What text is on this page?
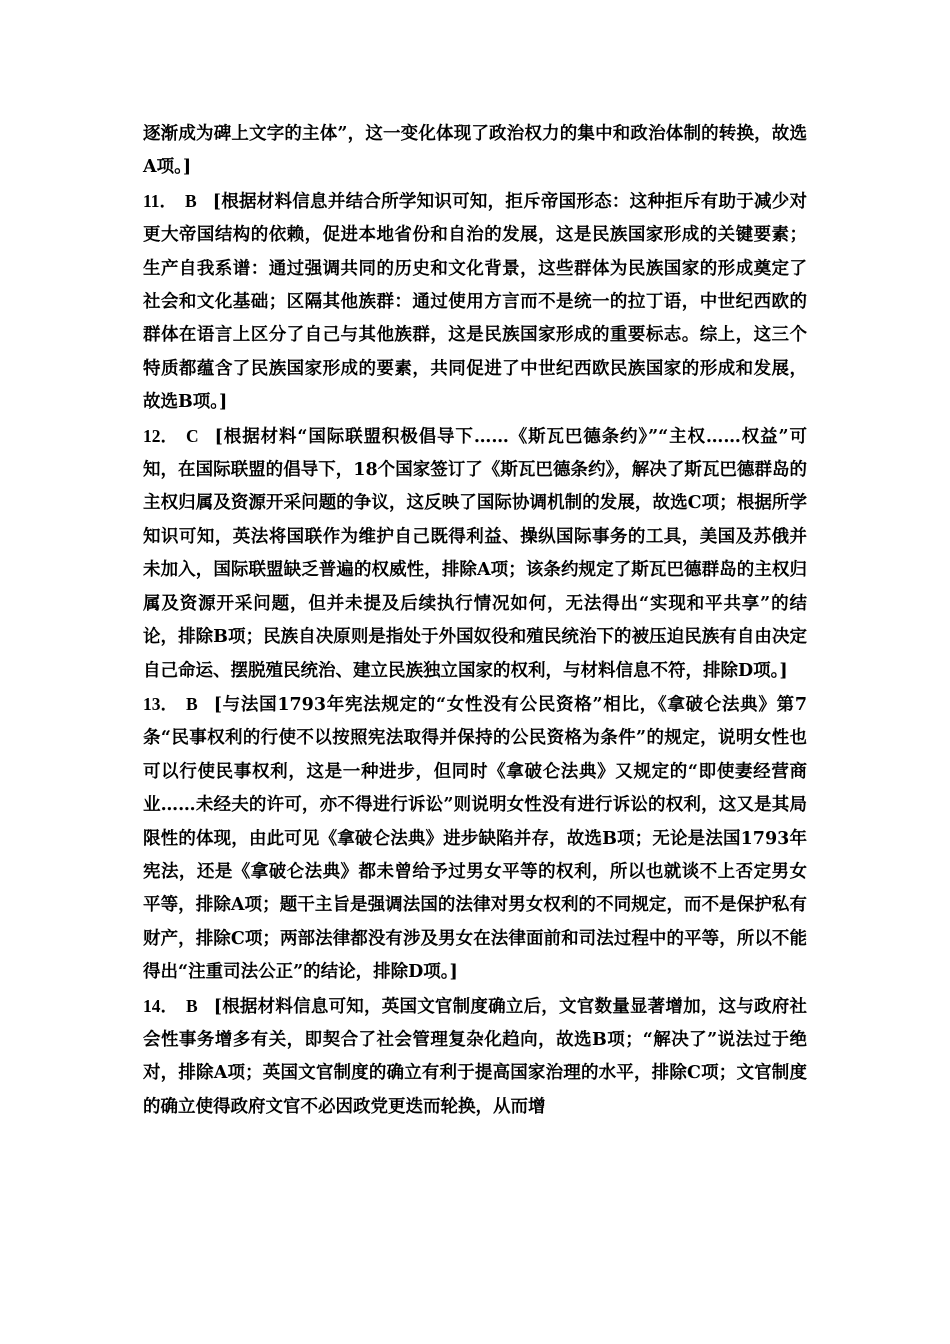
逐渐成为碑上文字的主体”，这一变化体现了政治权力的集中和政治体制的转换，故选A项。]

11． B [根据材料信息并结合所学知识可知，拒斥帝国形态：这种拒斥有助于减少对更大帝国结构的依赖，促进本地省份和自治的发展，这是民族国家形成的关键要素；生产自我系谱：通过强调共同的历史和文化背景，这些群体为民族国家的形成奠定了社会和文化基础；区隔其他族群：通过使用方言而不是统一的拉丁语，中世纪西欧的群体在语言上区分了自己与其他族群，这是民族国家形成的重要标志。综上，这三个特质都蕴含了民族国家形成的要素，共同促进了中世纪西欧民族国家的形成和发展，故选B项。]

12． C [根据材料“国际联盟积极倡导下……《斯瓦巴德条约》”“主权……权益”可知，在国际联盟的倡导下，18个国家签订了《斯瓦巴德条约》，解决了斯瓦巴德群岛的主权归属及资源开采问题的争议，这反映了国际协调机制的发展，故选C项；根据所学知识可知，英法将国联作为维护自己既得利益、操纵国际事务的工具，美国及苏俄并未加入，国际联盟缺乏普遍的权威性，排除A项；该条约规定了斯瓦巴德群岛的主权归属及资源开采问题，但并未提及后续执行情况如何，无法得出“实现和平共享”的结论，排除B项；民族自决原则是指处于外国奴役和殖民统治下的被压迫民族有自由决定自己命运、摆脱殖民统治、建立民族独立国家的权利，与材料信息不符，排除D项。]

13． B [与法国1793年宪法规定的“女性没有公民资格”相比，《拿破仑法典》第7条“民事权利的行使不以按照宪法取得并保持的公民资格为条件”的规定，说明女性也可以行使民事权利，这是一种进步，但同时《拿破仑法典》又规定的“即使妻经营商业……未经夫的许可，亦不得进行诉讼”则说明女性没有进行诉讼的权利，这又是其局限性的体现，由此可见《拿破仑法典》进步缺陷并存，故选B项；无论是法国1793年宪法，还是《拿破仑法典》都未曾给予过男女平等的权利，所以也就谈不上否定男女平等，排除A项；题干主旨是强调法国的法律对男女权利的不同规定，而不是保护私有财产，排除C项；两部法律都没有涉及男女在法律面前和司法过程中的平等，所以不能得出“注重司法公正”的结论，排除D项。]

14． B [根据材料信息可知，英国文官制度确立后，文官数量显著增加，这与政府社会性事务增多有关，即契合了社会管理复杂化趋向，故选B项；“解决了”说法过于绝对，排除A项；英国文官制度的确立有利于提高国家治理的水平，排除C项；文官制度的确立使得政府文官不必因政党更迭而轮换，从而增
